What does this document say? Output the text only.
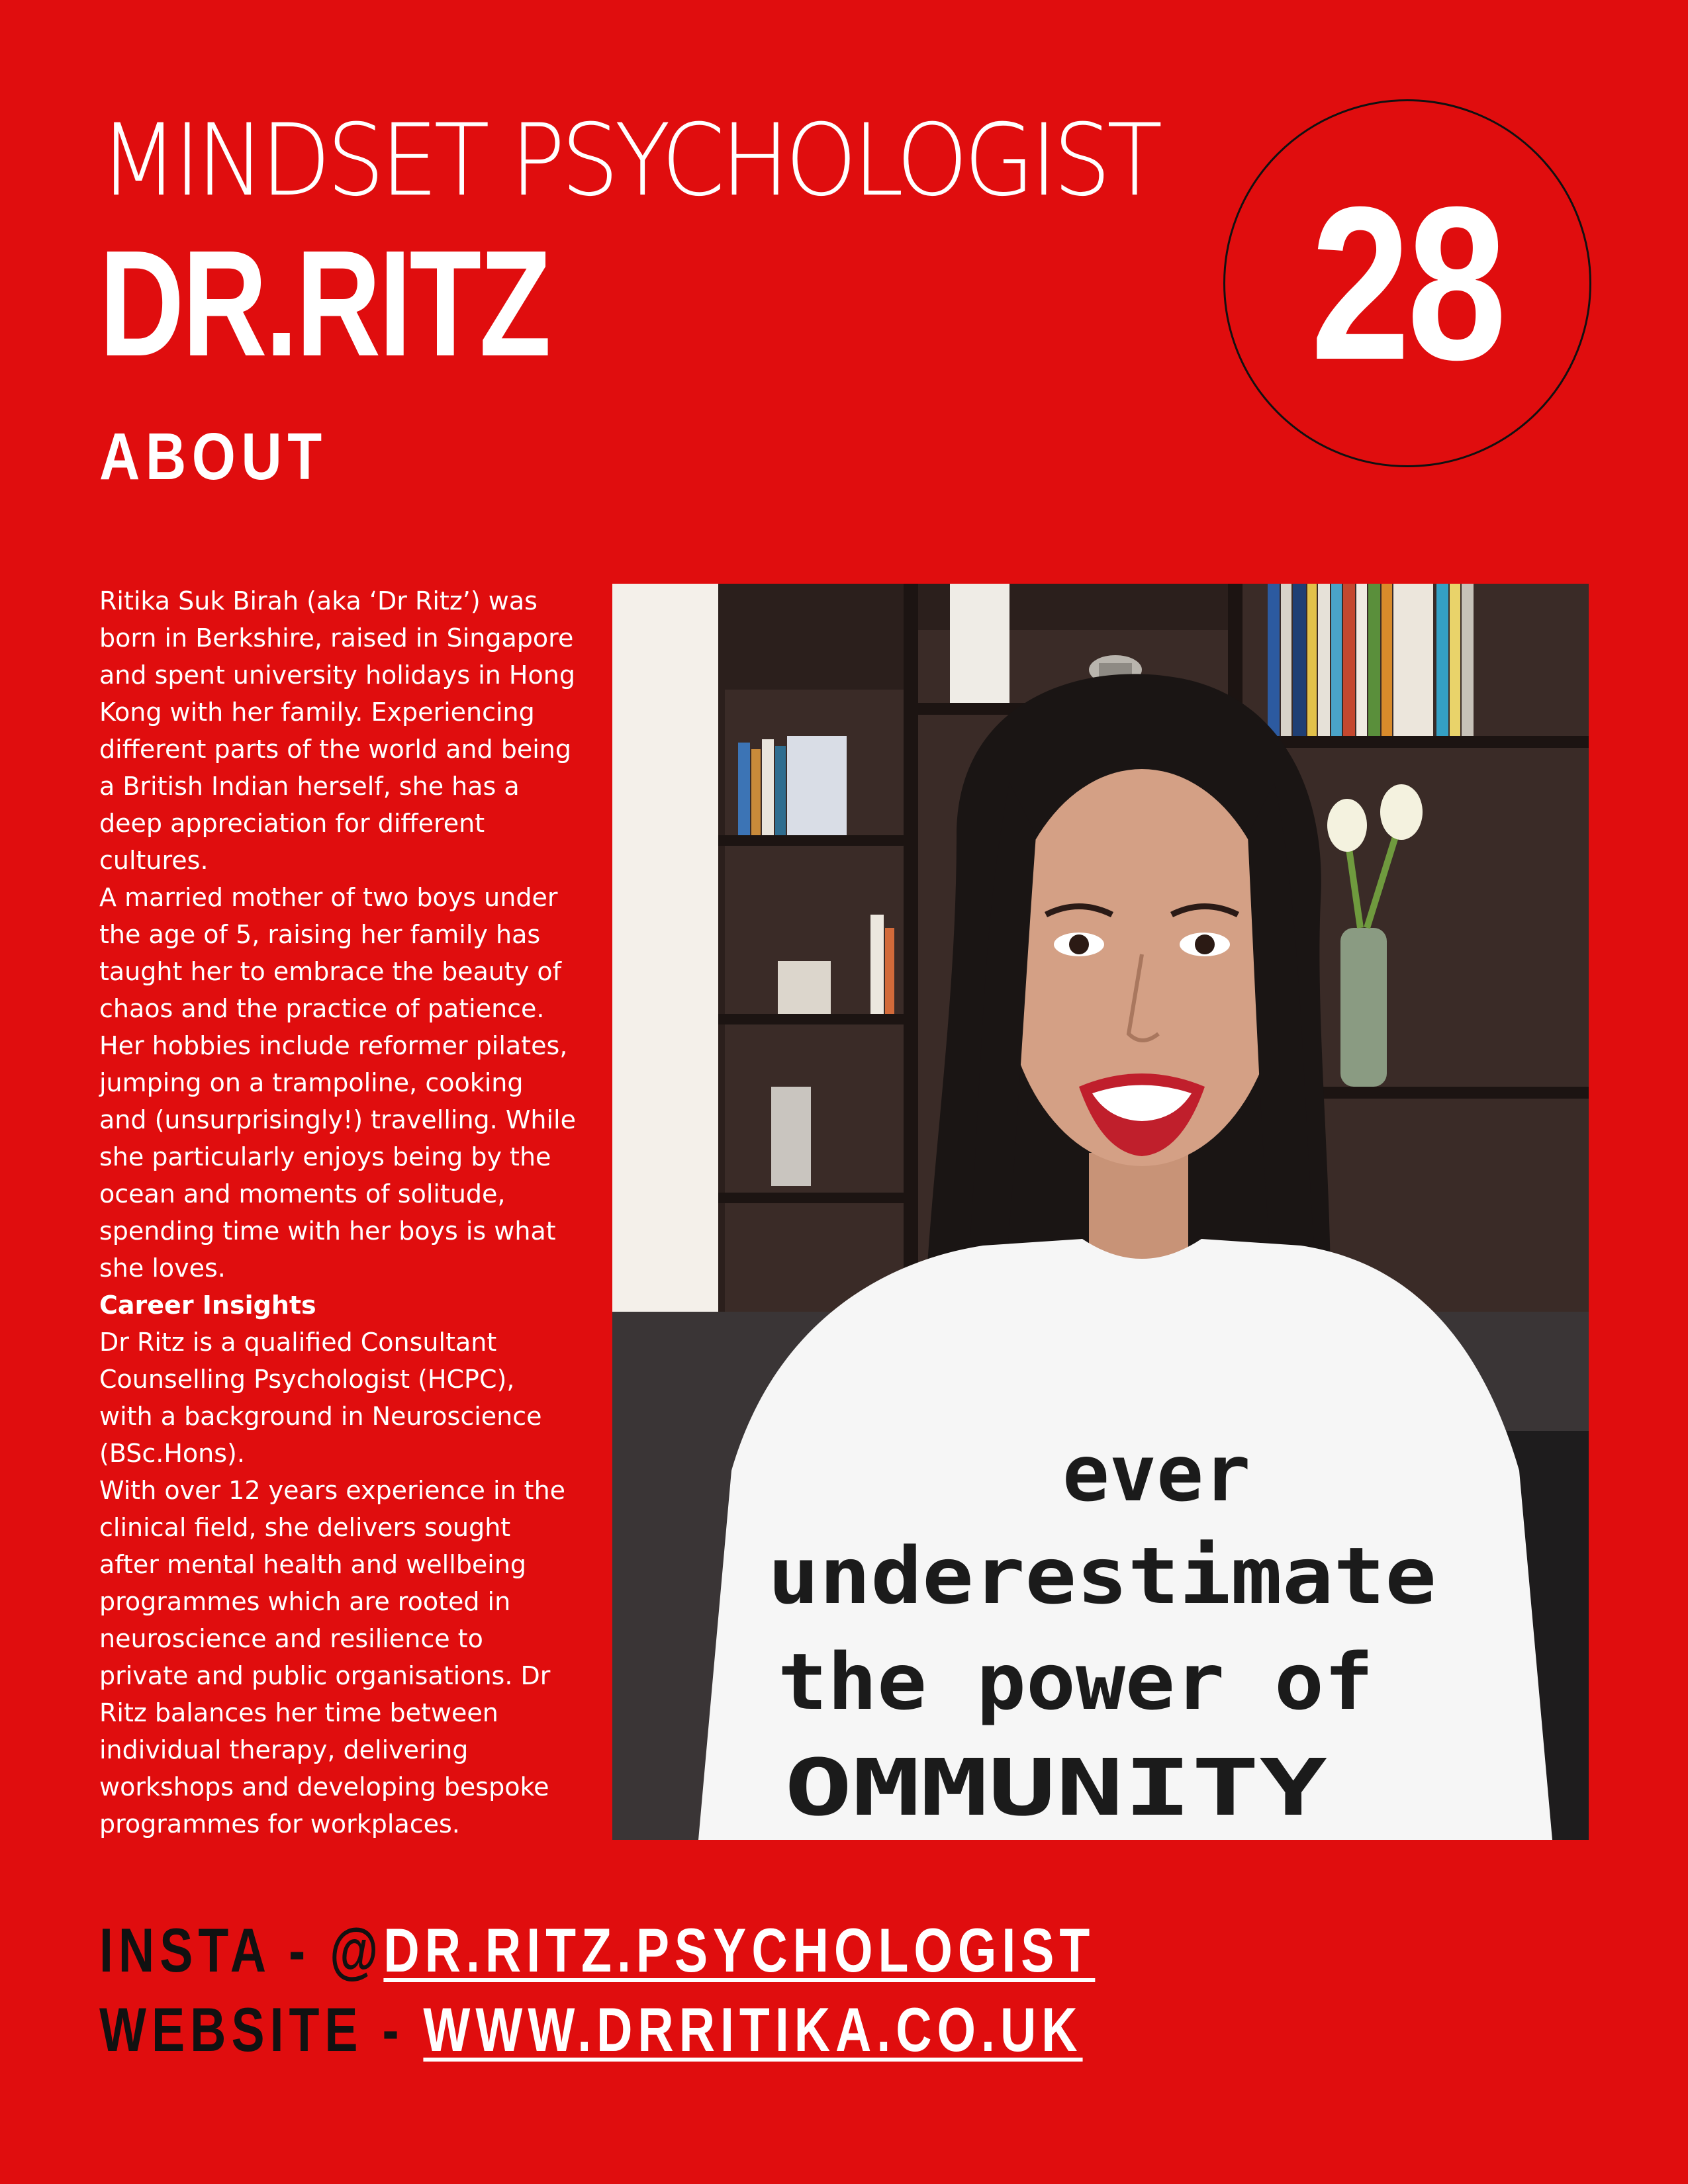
MINDSET PSYCHOLOGIST
DR.RITZ
ABOUT
28

Ritika Suk Birah (aka ‘Dr Ritz’) was born in Berkshire, raised in Singapore and spent university holidays in Hong Kong with her family. Experiencing different parts of the world and being a British Indian herself, she has a deep appreciation for different cultures.

A married mother of two boys under the age of 5, raising her family has taught her to embrace the beauty of chaos and the practice of patience. Her hobbies include reformer pilates, jumping on a trampoline, cooking and (unsurprisingly!) travelling. While she particularly enjoys being by the ocean and moments of solitude, spending time with her boys is what she loves.

Career Insights

Dr Ritz is a qualified Consultant Counselling Psychologist (HCPC), with a background in Neuroscience (BSc.Hons).

With over 12 years experience in the clinical field, she delivers sought after mental health and wellbeing programmes which are rooted in neuroscience and resilience to private and public organisations. Dr Ritz balances her time between individual therapy, delivering workshops and developing bespoke programmes for workplaces.

ever
underestimate
the power of
OMMUNITY
INSTA - @DR.RITZ.PSYCHOLOGIST
WEBSITE - WWW.DRRITIKA.CO.UK
